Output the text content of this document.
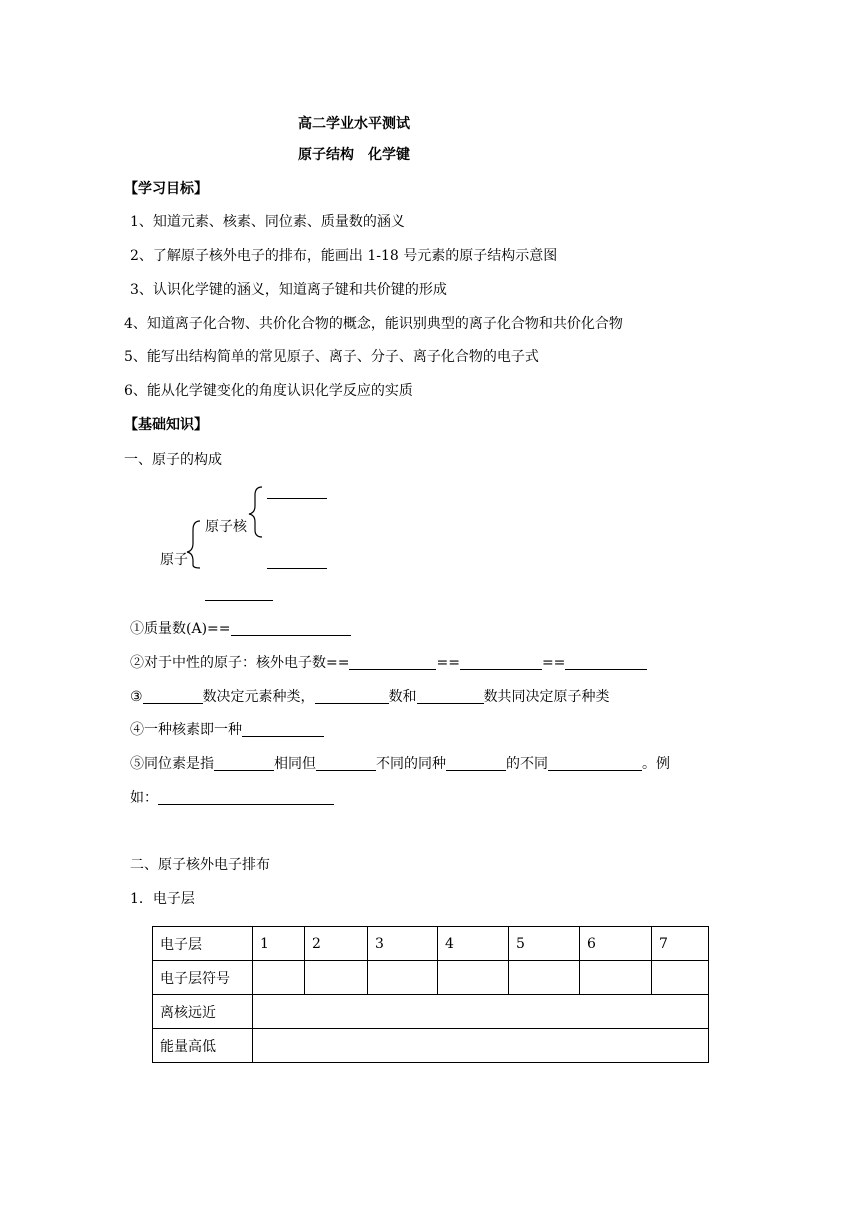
高二学业水平测试
原子结构　化学键
【学习目标】
1、知道元素、核素、同位素、质量数的涵义
2、了解原子核外电子的排布，能画出 1-18 号元素的原子结构示意图
3、认识化学键的涵义，知道离子键和共价键的形成
4、知道离子化合物、共价化合物的概念，能识别典型的离子化合物和共价化合物
5、能写出结构简单的常见原子、离子、分子、离子化合物的电子式
6、能从化学键变化的角度认识化学反应的实质
【基础知识】
一、原子的构成
原子核
原子
①质量数(A)==
②对于中性的原子：核外电子数==	==	==
③	数决定元素种类，	数和	数共同决定原子种类
④一种核素即一种
⑤同位素是指	相同但	不同的同种	的不同	。例
如：
二、原子核外电子排布
1．电子层
电子层	1	2	3	4	5	6	7
电子层符号							
离核远近							
能量高低							
